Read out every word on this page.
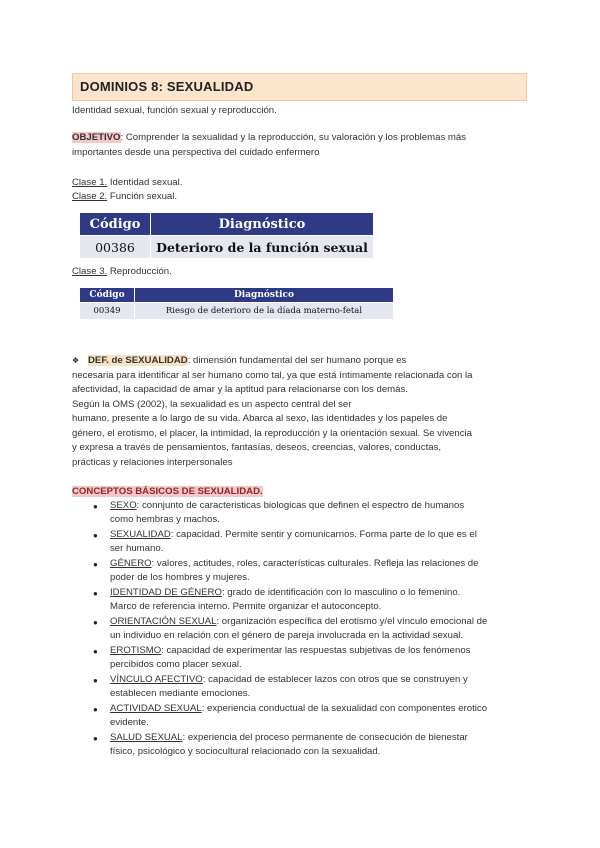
DOMINIOS 8: SEXUALIDAD
Identidad sexual, función sexual y reproducción.
OBJETIVO: Comprender la sexualidad y la reproducción, su valoración y los problemas más
importantes desde una perspectiva del cuidado enfermero
Clase 1. Identidad sexual.
Clase 2. Función sexual.
Código	Diagnóstico
00386	Deterioro de la función sexual
Clase 3. Reproducción.
Código	Diagnóstico
00349	Riesgo de deterioro de la díada materno-fetal
❖ DEF. de SEXUALIDAD: dimensión fundamental del ser humano porque es
necesaria para identificar al ser humano como tal, ya que está íntimamente relacionada con la
afectividad, la capacidad de amar y la aptitud para relacionarse con los demás.
Según la OMS (2002), la sexualidad es un aspecto central del ser
humano, presente a lo largo de su vida. Abarca al sexo, las identidades y los papeles de
género, el erotismo, el placer, la intimidad, la reproducción y la orientación sexual. Se vivencia
y expresa a través de pensamientos, fantasías, deseos, creencias, valores, conductas,
prácticas y relaciones interpersonales
CONCEPTOS BÁSICOS DE SEXUALIDAD.
● SEXO: connjunto de caracteristicas biologicas que definen el espectro de humanos
como hembras y machos.
● SEXUALIDAD: capacidad. Permite sentir y comunicarnos. Forma parte de lo que es el
ser humano.
● GÉNERO: valores, actitudes, roles, características culturales. Refleja las relaciones de
poder de los hombres y mujeres.
● IDENTIDAD DE GÉNERO: grado de identificación con lo masculino o lo femenino.
Marco de referencia interno. Permite organizar el autoconcepto.
● ORIENTACIÓN SEXUAL: organización específica del erotismo y/el vínculo emocional de
un individuo en relación con el género de pareja involucrada en la actividad sexual.
● EROTISMO: capacidad de experimentar las respuestas subjetivas de los fenómenos
percibidos como placer sexual.
● VÍNCULO AFECTIVO: capacidad de establecer lazos con otros que se construyen y
establecen mediante emociones.
● ACTIVIDAD SEXUAL: experiencia conductual de la sexualidad con componentes erotico
evidente.
● SALUD SEXUAL: experiencia del proceso permanente de consecución de bienestar
físico, psicológico y sociocultural relacionado con la sexualidad.
